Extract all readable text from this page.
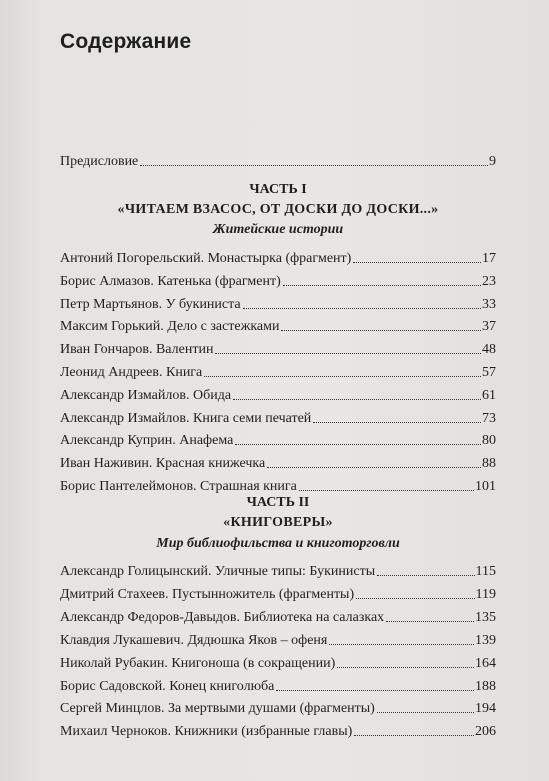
Содержание
Предисловие	9
ЧАСТЬ I
«ЧИТАЕМ ВЗАСОС, ОТ ДОСКИ ДО ДОСКИ...»
Житейские истории
Антоний Погорельский. Монастырка (фрагмент)	17
Борис Алмазов. Катенька (фрагмент)	23
Петр Мартьянов. У букиниста	33
Максим Горький. Дело с застежками	37
Иван Гончаров. Валентин	48
Леонид Андреев. Книга	57
Александр Измайлов. Обида	61
Александр Измайлов. Книга семи печатей	73
Александр Куприн. Анафема	80
Иван Наживин. Красная книжечка	88
Борис Пантелеймонов. Страшная книга	101
ЧАСТЬ II
«КНИГОВЕРЫ»
Мир библиофильства и книготорговли
Александр Голицынский. Уличные типы: Букинисты	115
Дмитрий Стахеев. Пустынножитель (фрагменты)	119
Александр Федоров-Давыдов. Библиотека на салазках	135
Клавдия Лукашевич. Дядюшка Яков – офеня	139
Николай Рубакин. Книгоноша (в сокращении)	164
Борис Садовской. Конец книголюба	188
Сергей Минцлов. За мертвыми душами (фрагменты)	194
Михаил Черноков. Книжники (избранные главы)	206
